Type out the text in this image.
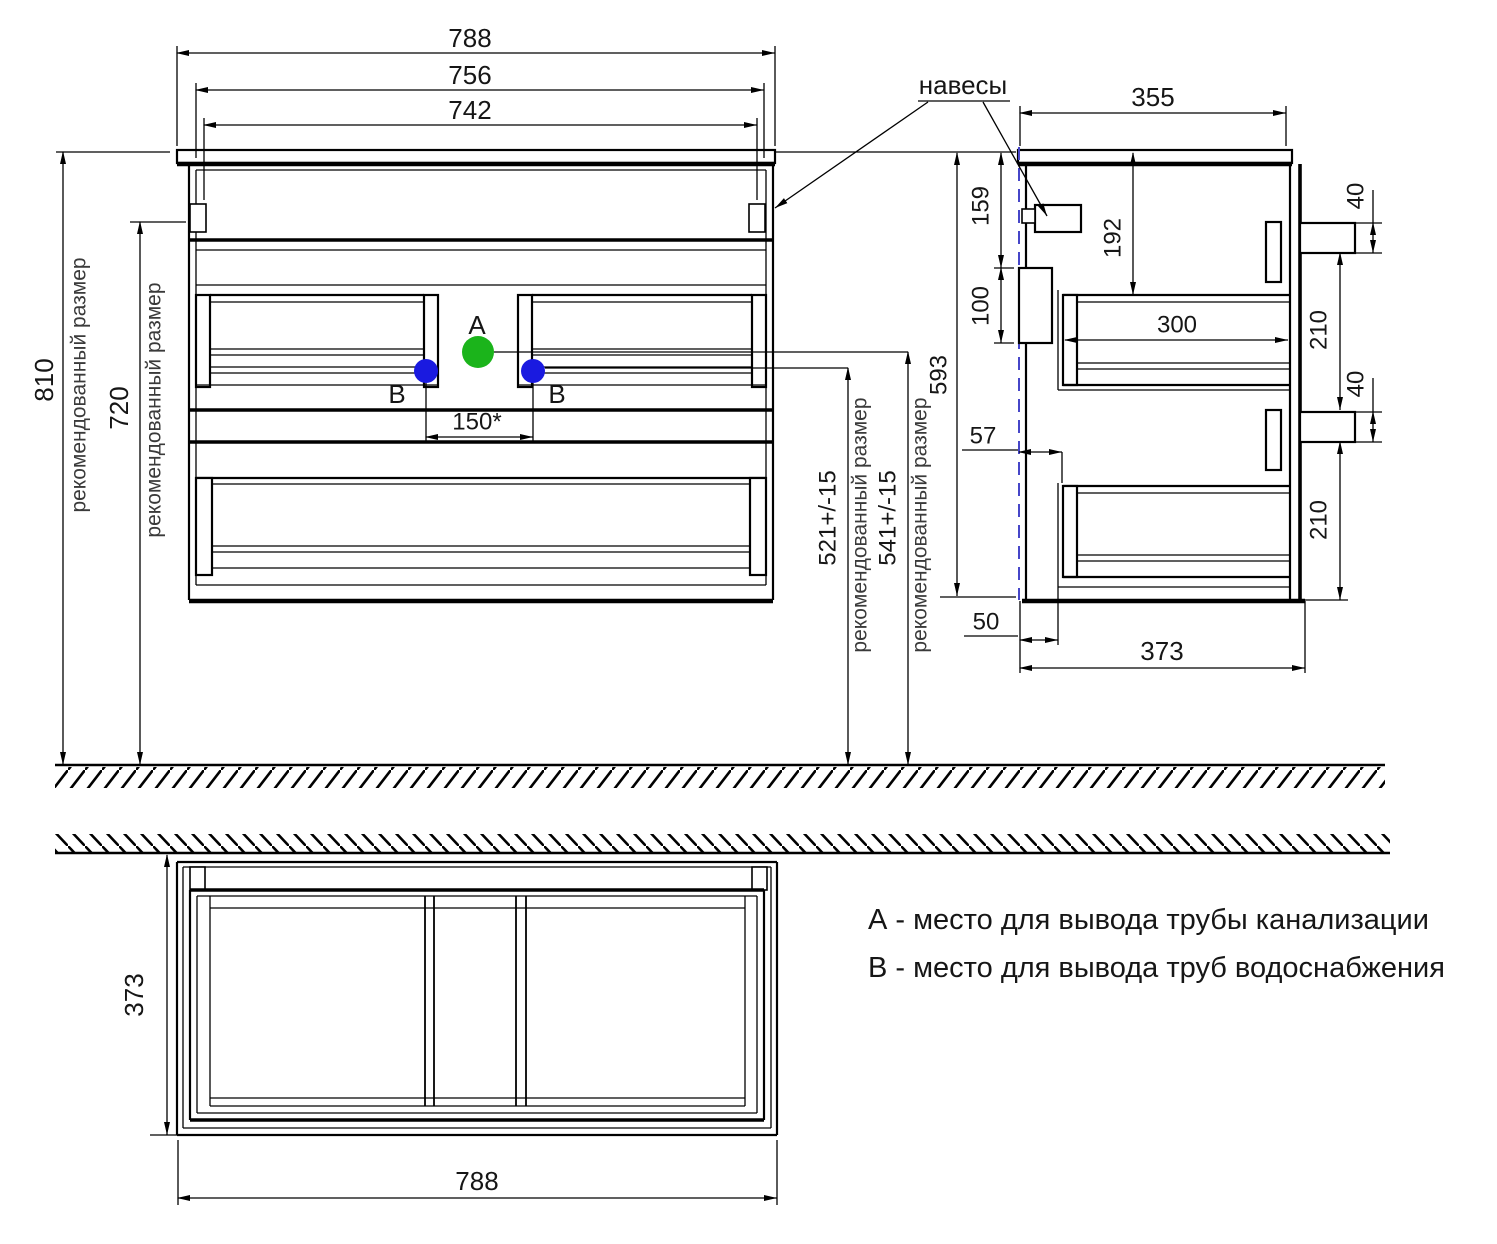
A
B	B
150*
788
756
742
810 рекомендованный размер 720 рекомендованный размер	521+/-15 рекомендованный размер 541+/-15 рекомендованный размер
593
навесы	355
159
100
192
300
40
210
40
210
57
50
373
373
788
А - место для вывода трубы канализации
В - место для вывода труб водоснабжения
